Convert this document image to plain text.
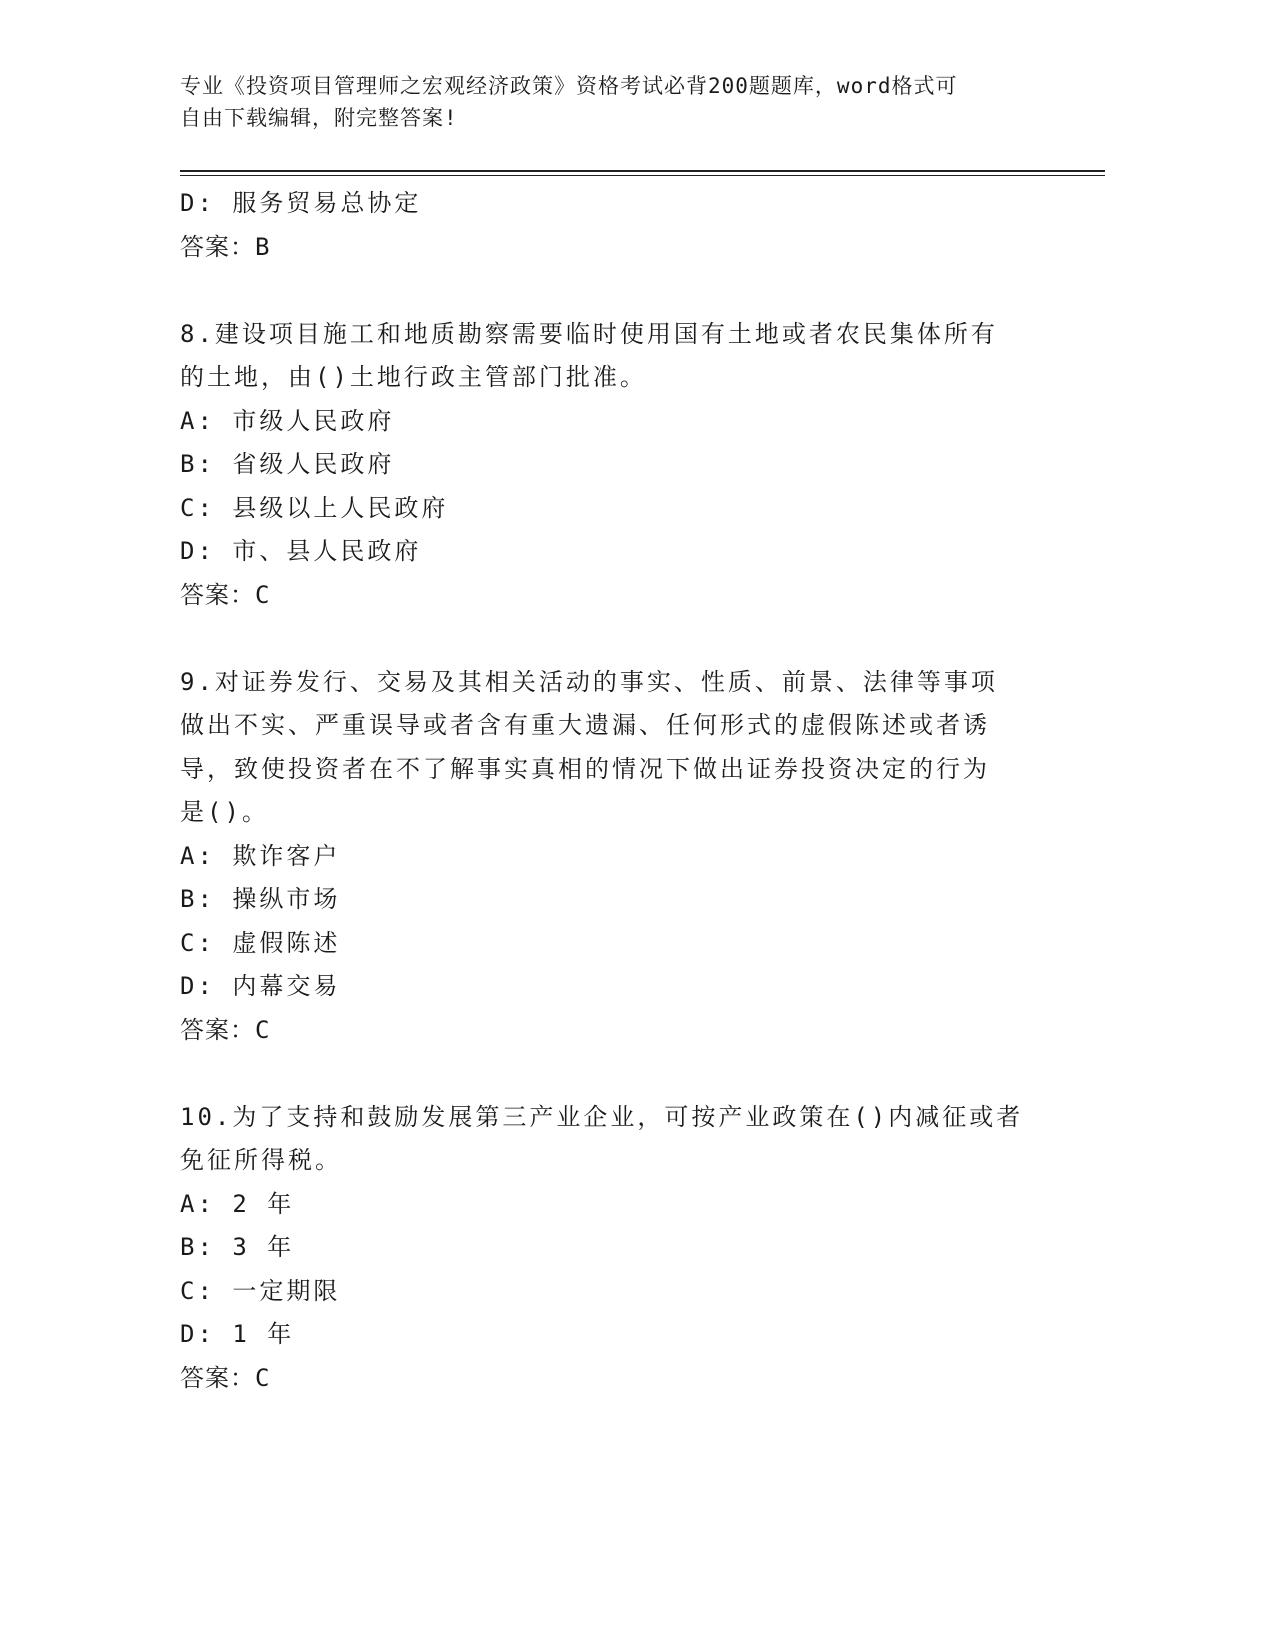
专业《投资项目管理师之宏观经济政策》资格考试必背200题题库，word格式可
自由下载编辑，附完整答案!
D: 服务贸易总协定
答案：B
8.建设项目施工和地质勘察需要临时使用国有土地或者农民集体所有
的土地，由()土地行政主管部门批准。
A: 市级人民政府
B: 省级人民政府
C: 县级以上人民政府
D: 市、县人民政府
答案：C
9.对证券发行、交易及其相关活动的事实、性质、前景、法律等事项
做出不实、严重误导或者含有重大遗漏、任何形式的虚假陈述或者诱
导，致使投资者在不了解事实真相的情况下做出证券投资决定的行为
是()。
A: 欺诈客户
B: 操纵市场
C: 虚假陈述
D: 内幕交易
答案：C
10.为了支持和鼓励发展第三产业企业，可按产业政策在()内减征或者
免征所得税。
A: 2 年
B: 3 年
C: 一定期限
D: 1 年
答案：C
